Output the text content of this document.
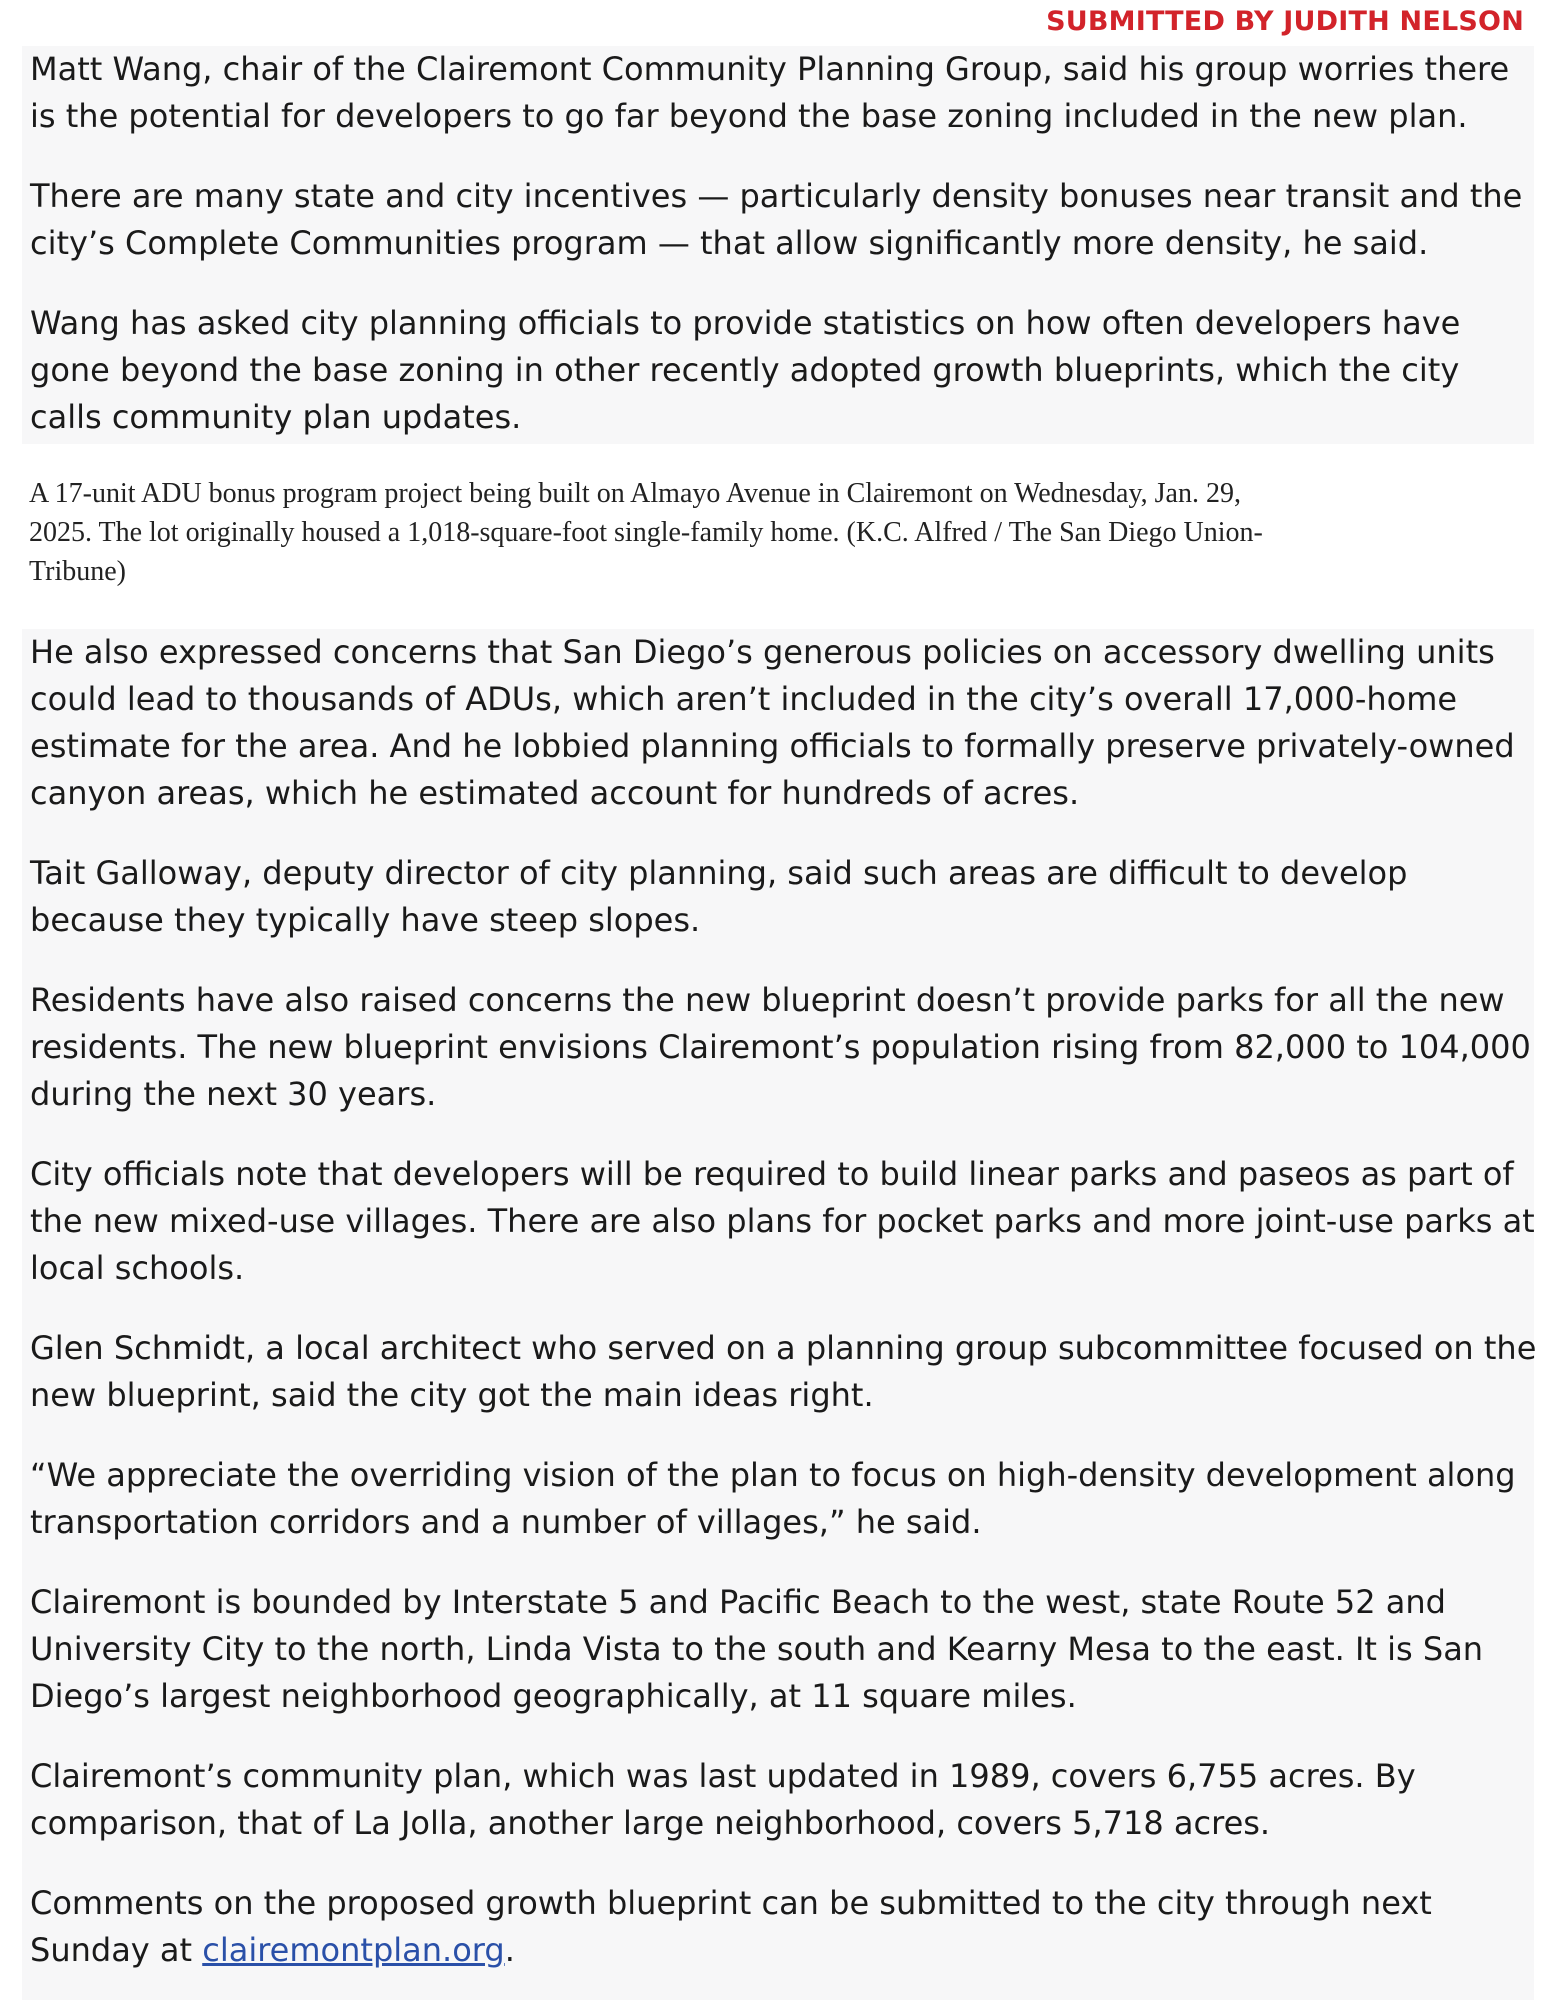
SUBMITTED BY JUDITH NELSON

Matt Wang, chair of the Clairemont Community Planning Group, said his group worries there
is the potential for developers to go far beyond the base zoning included in the new plan.

There are many state and city incentives — particularly density bonuses near transit and the
city’s Complete Communities program — that allow significantly more density, he said.

Wang has asked city planning officials to provide statistics on how often developers have
gone beyond the base zoning in other recently adopted growth blueprints, which the city
calls community plan updates.

A 17-unit ADU bonus program project being built on Almayo Avenue in Clairemont on Wednesday, Jan. 29,
2025. The lot originally housed a 1,018-square-foot single-family home. (K.C. Alfred / The San Diego Union-
Tribune)

He also expressed concerns that San Diego’s generous policies on accessory dwelling units
could lead to thousands of ADUs, which aren’t included in the city’s overall 17,000-home
estimate for the area. And he lobbied planning officials to formally preserve privately-owned
canyon areas, which he estimated account for hundreds of acres.

Tait Galloway, deputy director of city planning, said such areas are difficult to develop
because they typically have steep slopes.

Residents have also raised concerns the new blueprint doesn’t provide parks for all the new
residents. The new blueprint envisions Clairemont’s population rising from 82,000 to 104,000
during the next 30 years.

City officials note that developers will be required to build linear parks and paseos as part of
the new mixed-use villages. There are also plans for pocket parks and more joint-use parks at
local schools.

Glen Schmidt, a local architect who served on a planning group subcommittee focused on the
new blueprint, said the city got the main ideas right.

“We appreciate the overriding vision of the plan to focus on high-density development along
transportation corridors and a number of villages,” he said.

Clairemont is bounded by Interstate 5 and Pacific Beach to the west, state Route 52 and
University City to the north, Linda Vista to the south and Kearny Mesa to the east. It is San
Diego’s largest neighborhood geographically, at 11 square miles.

Clairemont’s community plan, which was last updated in 1989, covers 6,755 acres. By
comparison, that of La Jolla, another large neighborhood, covers 5,718 acres.

Comments on the proposed growth blueprint can be submitted to the city through next
Sunday at clairemontplan.org.
